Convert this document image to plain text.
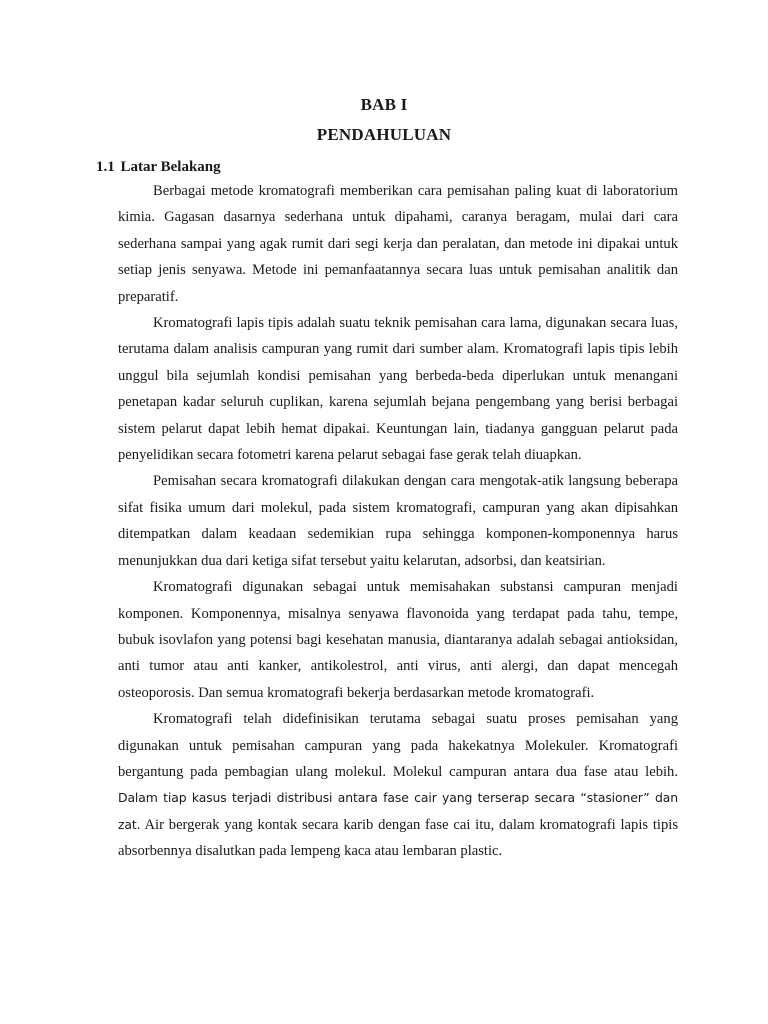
BAB I
PENDAHULUAN
1.1 Latar Belakang

Berbagai metode kromatografi memberikan cara pemisahan paling kuat di laboratorium kimia. Gagasan dasarnya sederhana untuk dipahami, caranya beragam, mulai dari cara sederhana sampai yang agak rumit dari segi kerja dan peralatan, dan metode ini dipakai untuk setiap jenis senyawa. Metode ini pemanfaatannya secara luas untuk pemisahan analitik dan preparatif.

Kromatografi lapis tipis adalah suatu teknik pemisahan cara lama, digunakan secara luas, terutama dalam analisis campuran yang rumit dari sumber alam. Kromatografi lapis tipis lebih unggul bila sejumlah kondisi pemisahan yang berbeda-beda diperlukan untuk menangani penetapan kadar seluruh cuplikan, karena sejumlah bejana pengembang yang berisi berbagai sistem pelarut dapat lebih hemat dipakai. Keuntungan lain, tiadanya gangguan pelarut pada penyelidikan secara fotometri karena pelarut sebagai fase gerak telah diuapkan.

Pemisahan secara kromatografi dilakukan dengan cara mengotak-atik langsung beberapa sifat fisika umum dari molekul, pada sistem kromatografi, campuran yang akan dipisahkan ditempatkan dalam keadaan sedemikian rupa sehingga komponen-komponennya harus menunjukkan dua dari ketiga sifat tersebut yaitu kelarutan, adsorbsi, dan keatsirian.

Kromatografi digunakan sebagai untuk memisahakan substansi campuran menjadi komponen. Komponennya, misalnya senyawa flavonoida yang terdapat pada tahu, tempe, bubuk isovlafon yang potensi bagi kesehatan manusia, diantaranya adalah sebagai antioksidan, anti tumor atau anti kanker, antikolestrol, anti virus, anti alergi, dan dapat mencegah osteoporosis. Dan semua kromatografi bekerja berdasarkan metode kromatografi.

Kromatografi telah didefinisikan terutama sebagai suatu proses pemisahan yang digunakan untuk pemisahan campuran yang pada hakekatnya Molekuler. Kromatografi bergantung pada pembagian ulang molekul. Molekul campuran antara dua fase atau lebih. Dalam tiap kasus terjadi distribusi antara fase cair yang terserap secara “stasioner” dan zat. Air bergerak yang kontak secara karib dengan fase cai itu, dalam kromatografi lapis tipis absorbennya disalutkan pada lempeng kaca atau lembaran plastic.
